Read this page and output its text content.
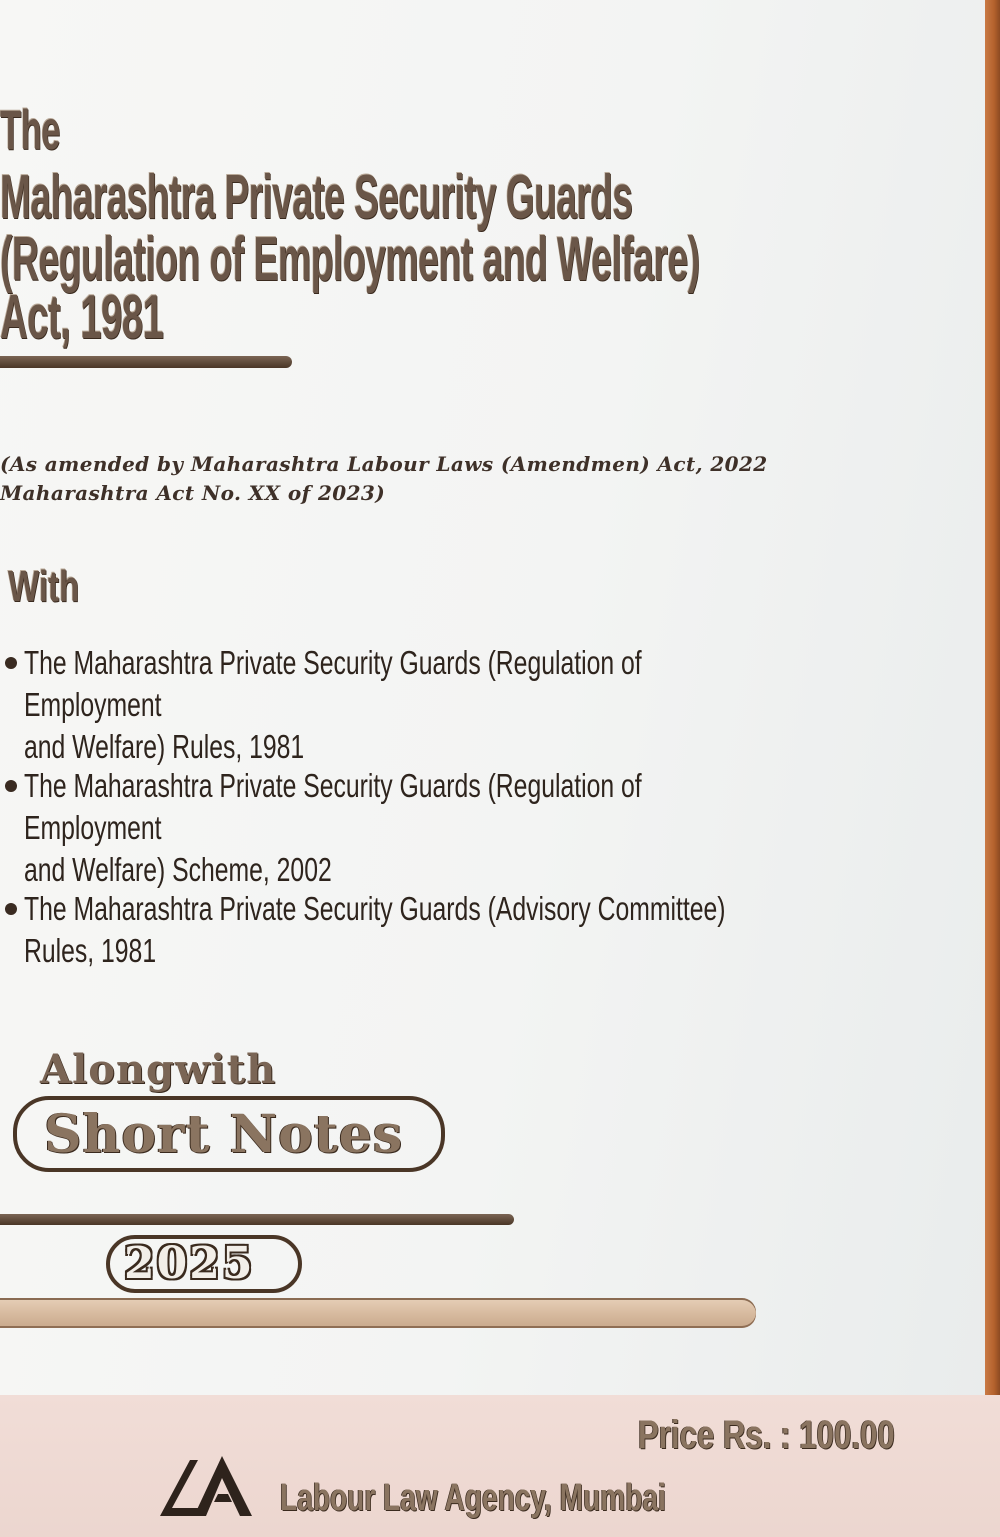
The
Maharashtra Private Security Guards
(Regulation of Employment and Welfare)
Act, 1981
(As amended by Maharashtra Labour Laws (Amendmen) Act, 2022
Maharashtra Act No. XX of 2023)
With
The Maharashtra Private Security Guards (Regulation of Employment
and Welfare) Rules, 1981
The Maharashtra Private Security Guards (Regulation of Employment
and Welfare) Scheme, 2002
The Maharashtra Private Security Guards (Advisory Committee)
Rules, 1981
Alongwith
Short Notes
2025
Price Rs. : 100.00
Labour Law Agency, Mumbai
